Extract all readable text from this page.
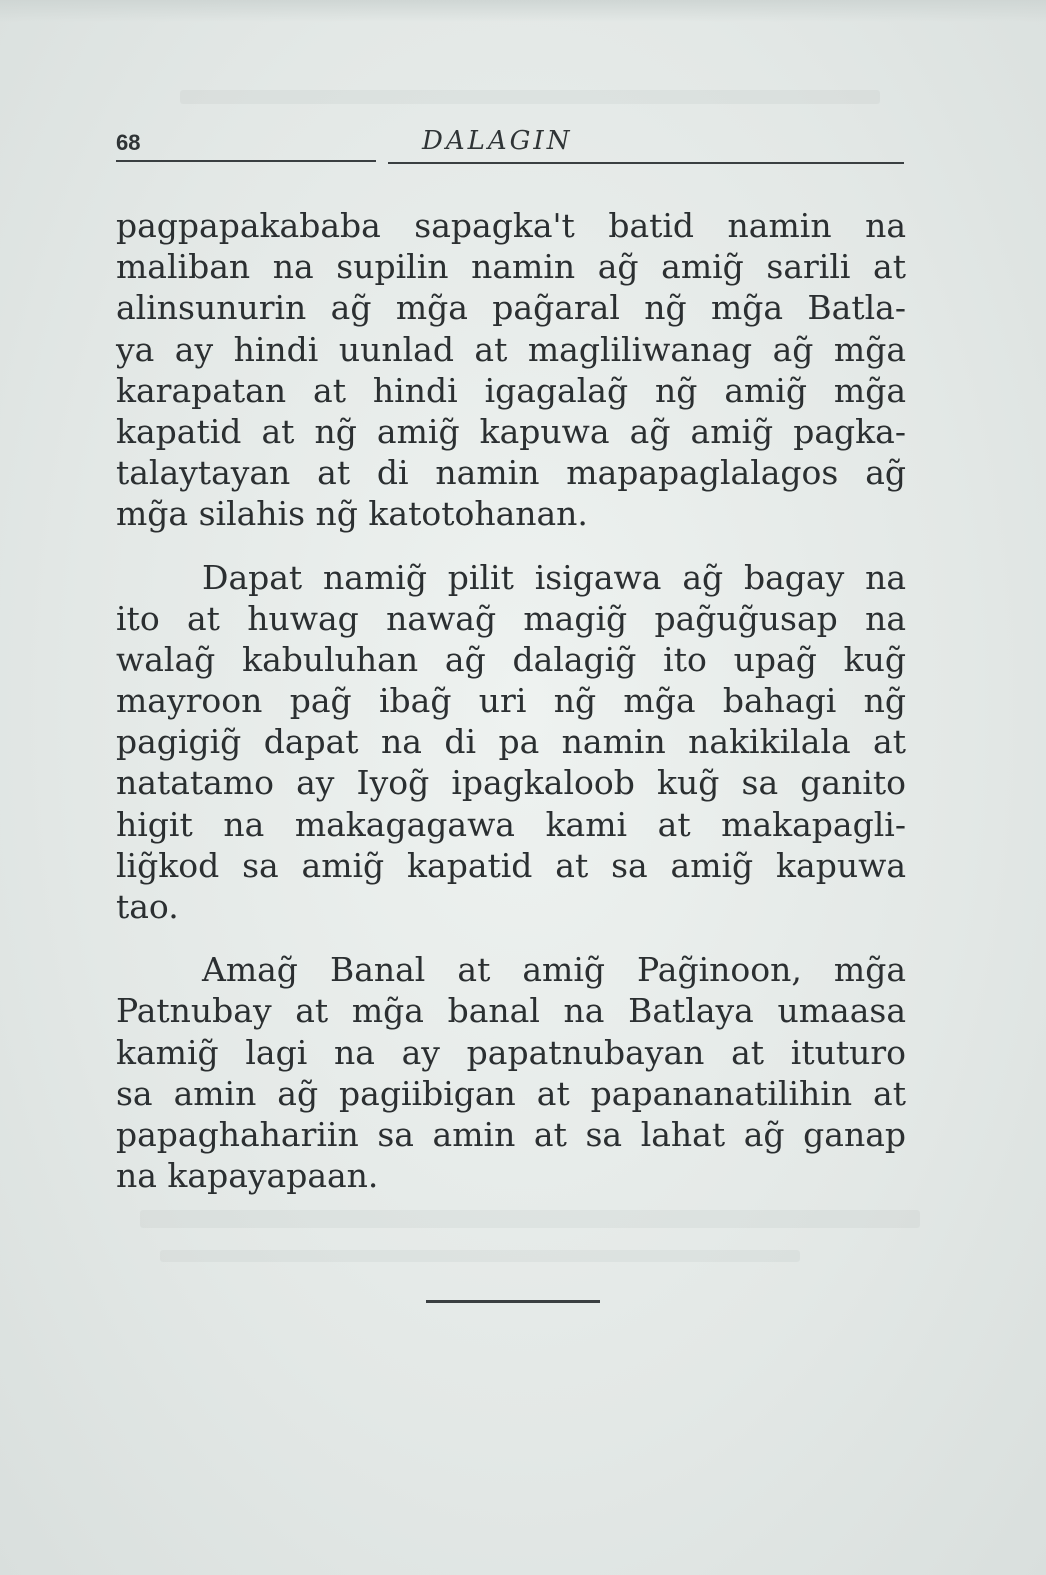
68	DALAGIN
pagpapakababa sapagka't batid namin na
maliban na supilin namin ag̃ amig̃ sarili at
alinsunurin ag̃ mg̃a pag̃aral ng̃ mg̃a Batla-
ya ay hindi uunlad at magliliwanag ag̃ mg̃a
karapatan at hindi igagalag̃ ng̃ amig̃ mg̃a
kapatid at ng̃ amig̃ kapuwa ag̃ amig̃ pagka-
talaytayan at di namin mapapaglalagos ag̃
mg̃a silahis ng̃ katotohanan.
Dapat namig̃ pilit isigawa ag̃ bagay na
ito at huwag nawag̃ magig̃ pag̃ug̃usap na
walag̃ kabuluhan ag̃ dalagig̃ ito upag̃ kug̃
mayroon pag̃ ibag̃ uri ng̃ mg̃a bahagi ng̃
pagigig̃ dapat na di pa namin nakikilala at
natatamo ay Iyog̃ ipagkaloob kug̃ sa ganito
higit na makagagawa kami at makapagli-
lig̃kod sa amig̃ kapatid at sa amig̃ kapuwa
tao.
Amag̃ Banal at amig̃ Pag̃inoon, mg̃a
Patnubay at mg̃a banal na Batlaya umaasa
kamig̃ lagi na ay papatnubayan at ituturo
sa amin ag̃ pagiibigan at papananatilihin at
papaghahariin sa amin at sa lahat ag̃ ganap
na kapayapaan.
